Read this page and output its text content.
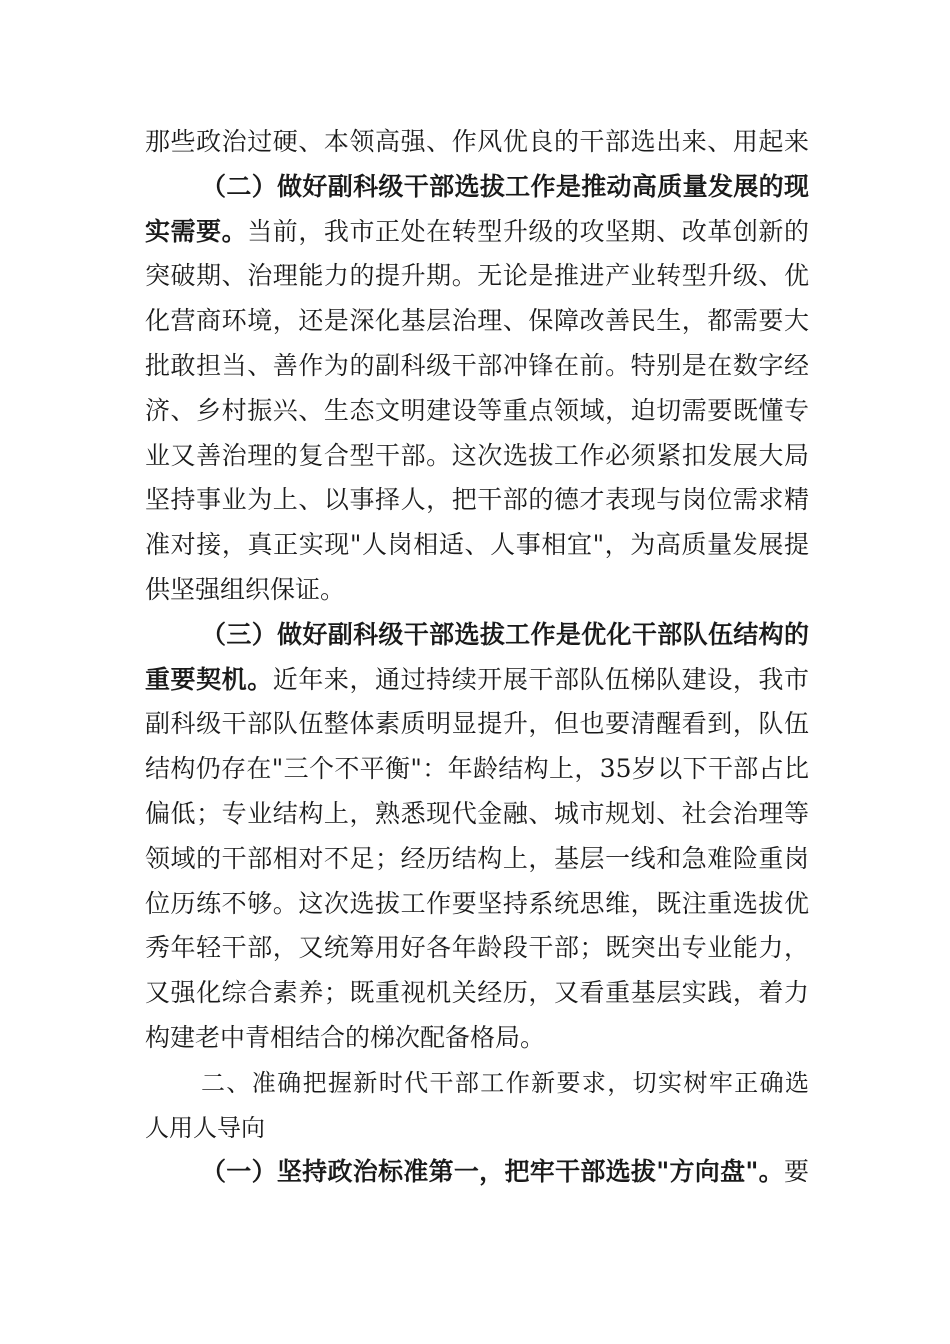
那些政治过硬、本领高强、作风优良的干部选出来、用起来
（二）做好副科级干部选拔工作是推动高质量发展的现
实需要。当前，我市正处在转型升级的攻坚期、改革创新的
突破期、治理能力的提升期。无论是推进产业转型升级、优
化营商环境，还是深化基层治理、保障改善民生，都需要大
批敢担当、善作为的副科级干部冲锋在前。特别是在数字经
济、乡村振兴、生态文明建设等重点领域，迫切需要既懂专
业又善治理的复合型干部。这次选拔工作必须紧扣发展大局
坚持事业为上、以事择人，把干部的德才表现与岗位需求精
准对接，真正实现"人岗相适、人事相宜"，为高质量发展提
供坚强组织保证。
（三）做好副科级干部选拔工作是优化干部队伍结构的
重要契机。近年来，通过持续开展干部队伍梯队建设，我市
副科级干部队伍整体素质明显提升，但也要清醒看到，队伍
结构仍存在"三个不平衡"：年龄结构上，35岁以下干部占比
偏低；专业结构上，熟悉现代金融、城市规划、社会治理等
领域的干部相对不足；经历结构上，基层一线和急难险重岗
位历练不够。这次选拔工作要坚持系统思维，既注重选拔优
秀年轻干部，又统筹用好各年龄段干部；既突出专业能力，
又强化综合素养；既重视机关经历，又看重基层实践，着力
构建老中青相结合的梯次配备格局。
二、准确把握新时代干部工作新要求，切实树牢正确选
人用人导向
（一）坚持政治标准第一，把牢干部选拔"方向盘"。要
